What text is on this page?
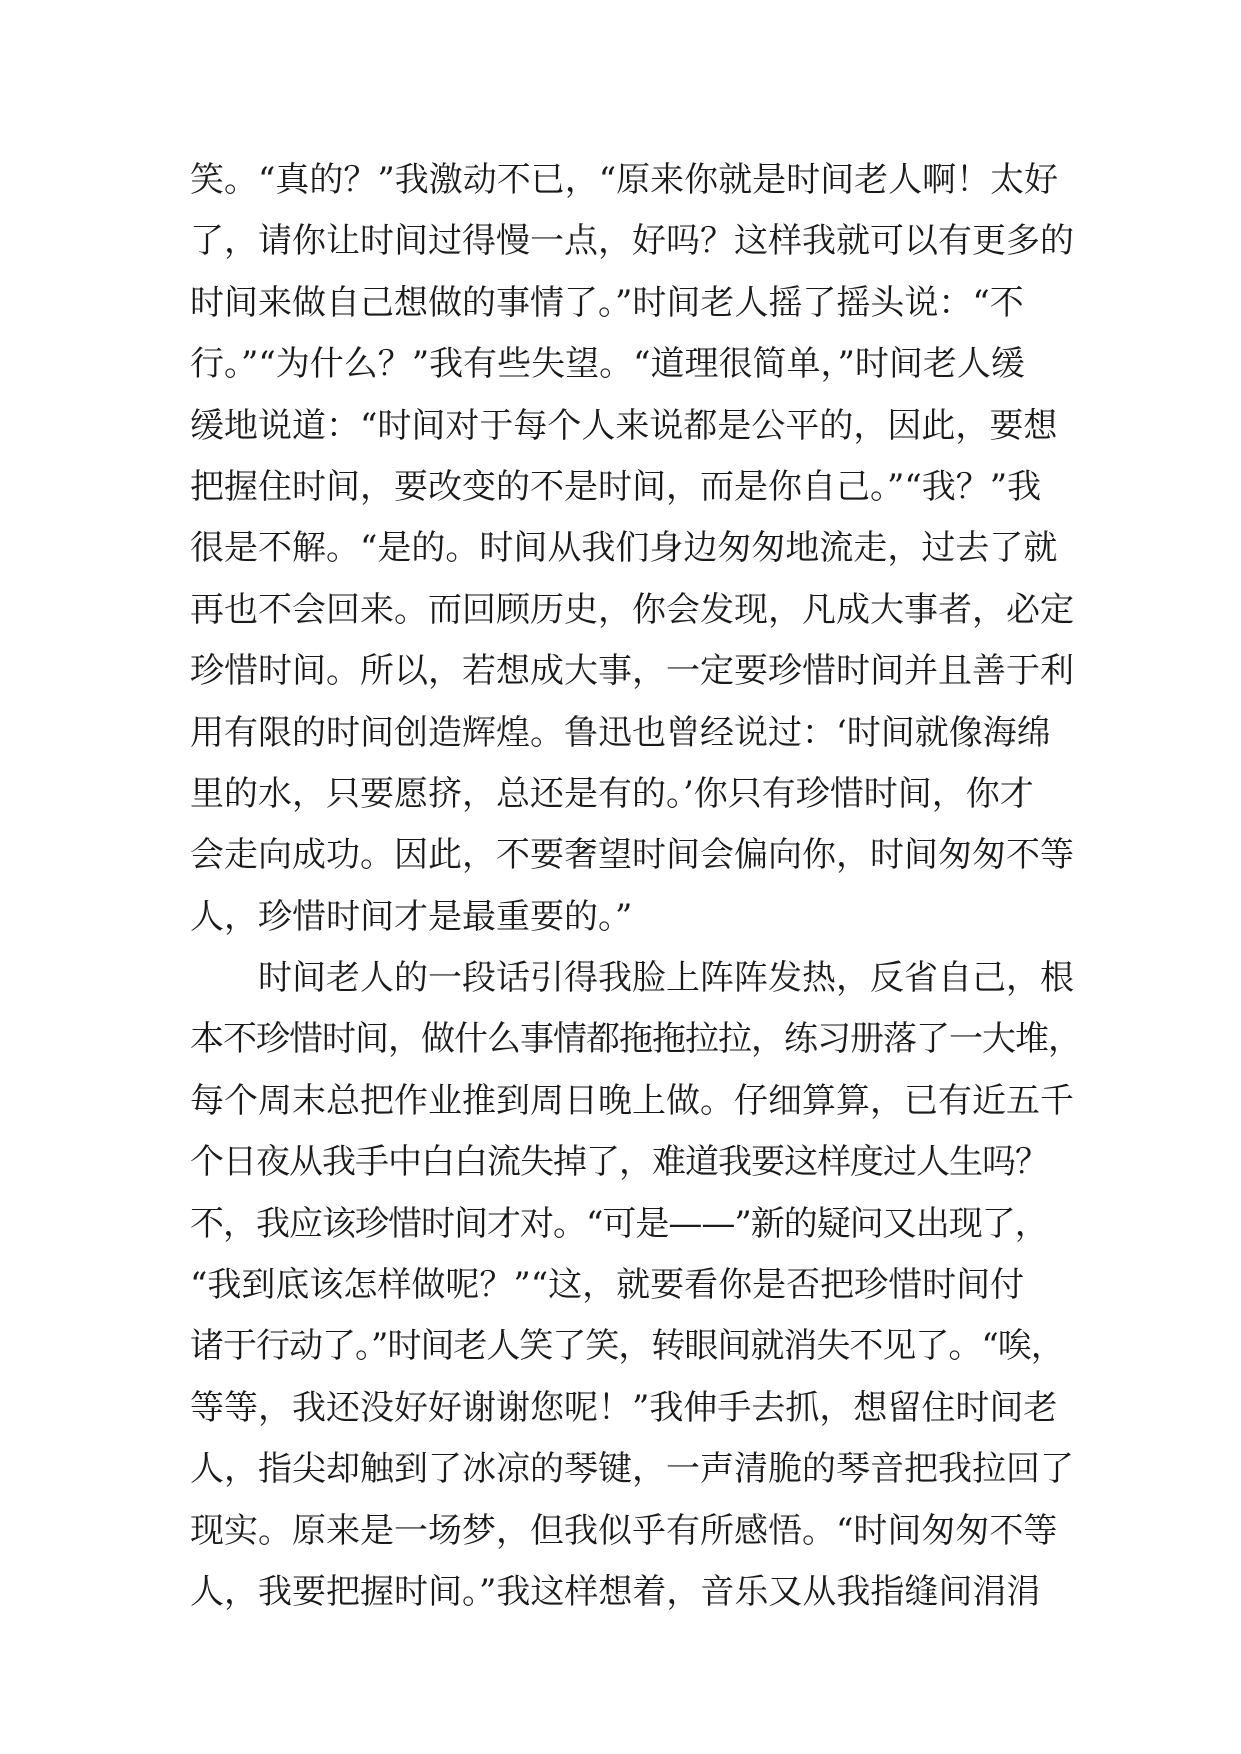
笑。“真的？”我激动不已，“原来你就是时间老人啊！太好
了，请你让时间过得慢一点，好吗？这样我就可以有更多的
时间来做自己想做的事情了。”时间老人摇了摇头说：“不
行。”“为什么？”我有些失望。“道理很简单，”时间老人缓
缓地说道：“时间对于每个人来说都是公平的，因此，要想
把握住时间，要改变的不是时间，而是你自己。”“我？”我
很是不解。“是的。时间从我们身边匆匆地流走，过去了就
再也不会回来。而回顾历史，你会发现，凡成大事者，必定
珍惜时间。所以，若想成大事，一定要珍惜时间并且善于利
用有限的时间创造辉煌。鲁迅也曾经说过：‘时间就像海绵
里的水，只要愿挤，总还是有的。’你只有珍惜时间，你才
会走向成功。因此，不要奢望时间会偏向你，时间匆匆不等
人，珍惜时间才是最重要的。”
时间老人的一段话引得我脸上阵阵发热，反省自己，根
本不珍惜时间，做什么事情都拖拖拉拉，练习册落了一大堆，
每个周末总把作业推到周日晚上做。仔细算算，已有近五千
个日夜从我手中白白流失掉了，难道我要这样度过人生吗？
不，我应该珍惜时间才对。“可是——”新的疑问又出现了，
“我到底该怎样做呢？”“这，就要看你是否把珍惜时间付
诸于行动了。”时间老人笑了笑，转眼间就消失不见了。“唉，
等等，我还没好好谢谢您呢！”我伸手去抓，想留住时间老
人，指尖却触到了冰凉的琴键，一声清脆的琴音把我拉回了
现实。原来是一场梦，但我似乎有所感悟。“时间匆匆不等
人，我要把握时间。”我这样想着，音乐又从我指缝间涓涓
